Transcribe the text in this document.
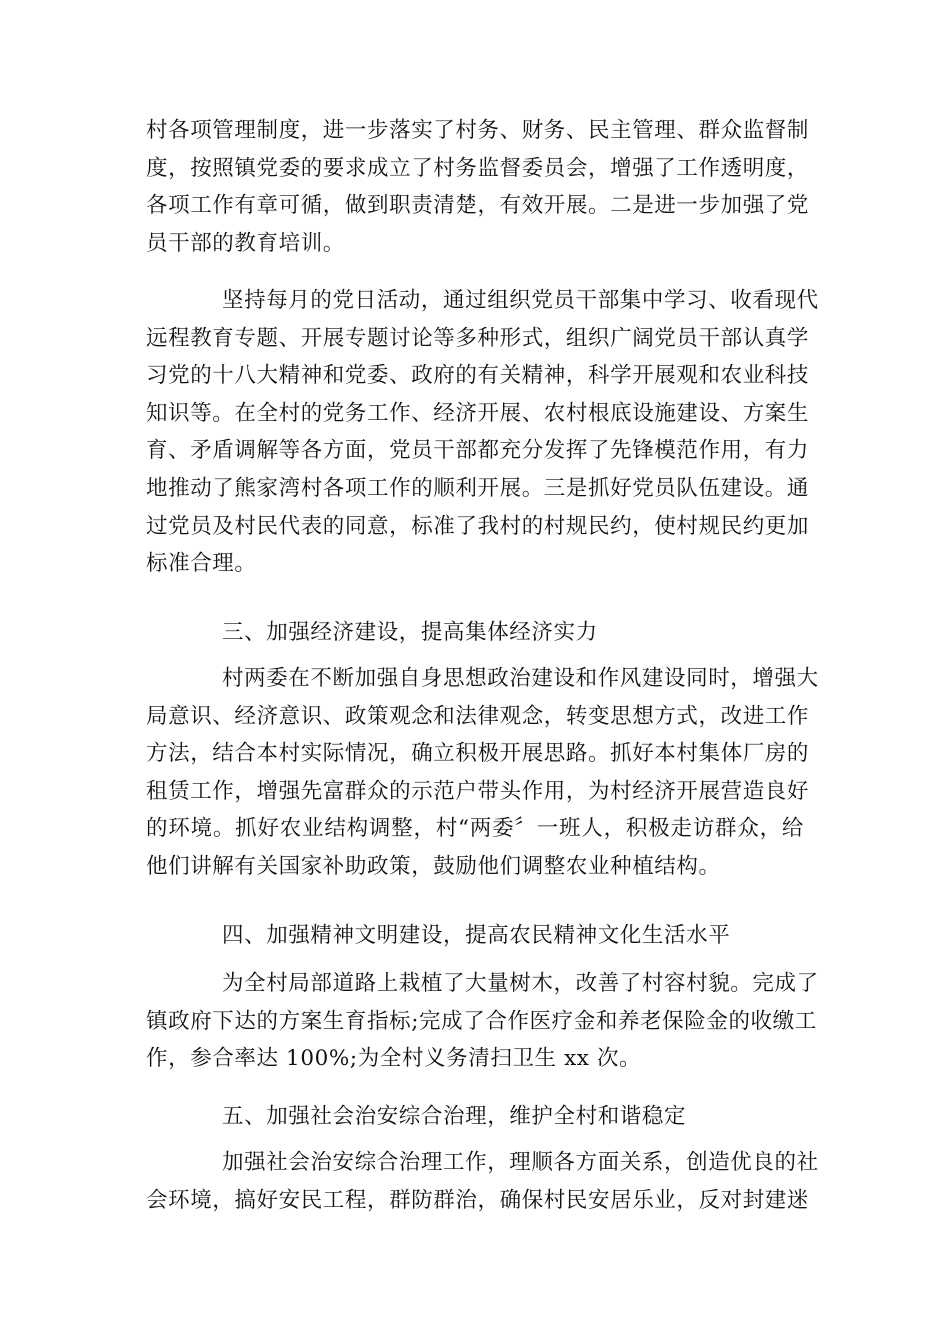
村各项管理制度，进一步落实了村务、财务、民主管理、群众监督制
度，按照镇党委的要求成立了村务监督委员会，增强了工作透明度，
各项工作有章可循，做到职责清楚，有效开展。二是进一步加强了党
员干部的教育培训。
坚持每月的党日活动，通过组织党员干部集中学习、收看现代
远程教育专题、开展专题讨论等多种形式，组织广阔党员干部认真学
习党的十八大精神和党委、政府的有关精神，科学开展观和农业科技
知识等。在全村的党务工作、经济开展、农村根底设施建设、方案生
育、矛盾调解等各方面，党员干部都充分发挥了先锋模范作用，有力
地推动了熊家湾村各项工作的顺利开展。三是抓好党员队伍建设。通
过党员及村民代表的同意，标准了我村的村规民约，使村规民约更加
标准合理。
三、加强经济建设，提高集体经济实力
村两委在不断加强自身思想政治建设和作风建设同时，增强大
局意识、经济意识、政策观念和法律观念，转变思想方式，改进工作
方法，结合本村实际情况，确立积极开展思路。抓好本村集体厂房的
租赁工作，增强先富群众的示范户带头作用，为村经济开展营造良好
的环境。抓好农业结构调整，村“两委〞一班人，积极走访群众，给
他们讲解有关国家补助政策，鼓励他们调整农业种植结构。
四、加强精神文明建设，提高农民精神文化生活水平
为全村局部道路上栽植了大量树木，改善了村容村貌。完成了
镇政府下达的方案生育指标;完成了合作医疗金和养老保险金的收缴工
作，参合率达 100%;为全村义务清扫卫生 xx 次。
五、加强社会治安综合治理，维护全村和谐稳定
加强社会治安综合治理工作，理顺各方面关系，创造优良的社
会环境，搞好安民工程，群防群治，确保村民安居乐业，反对封建迷
